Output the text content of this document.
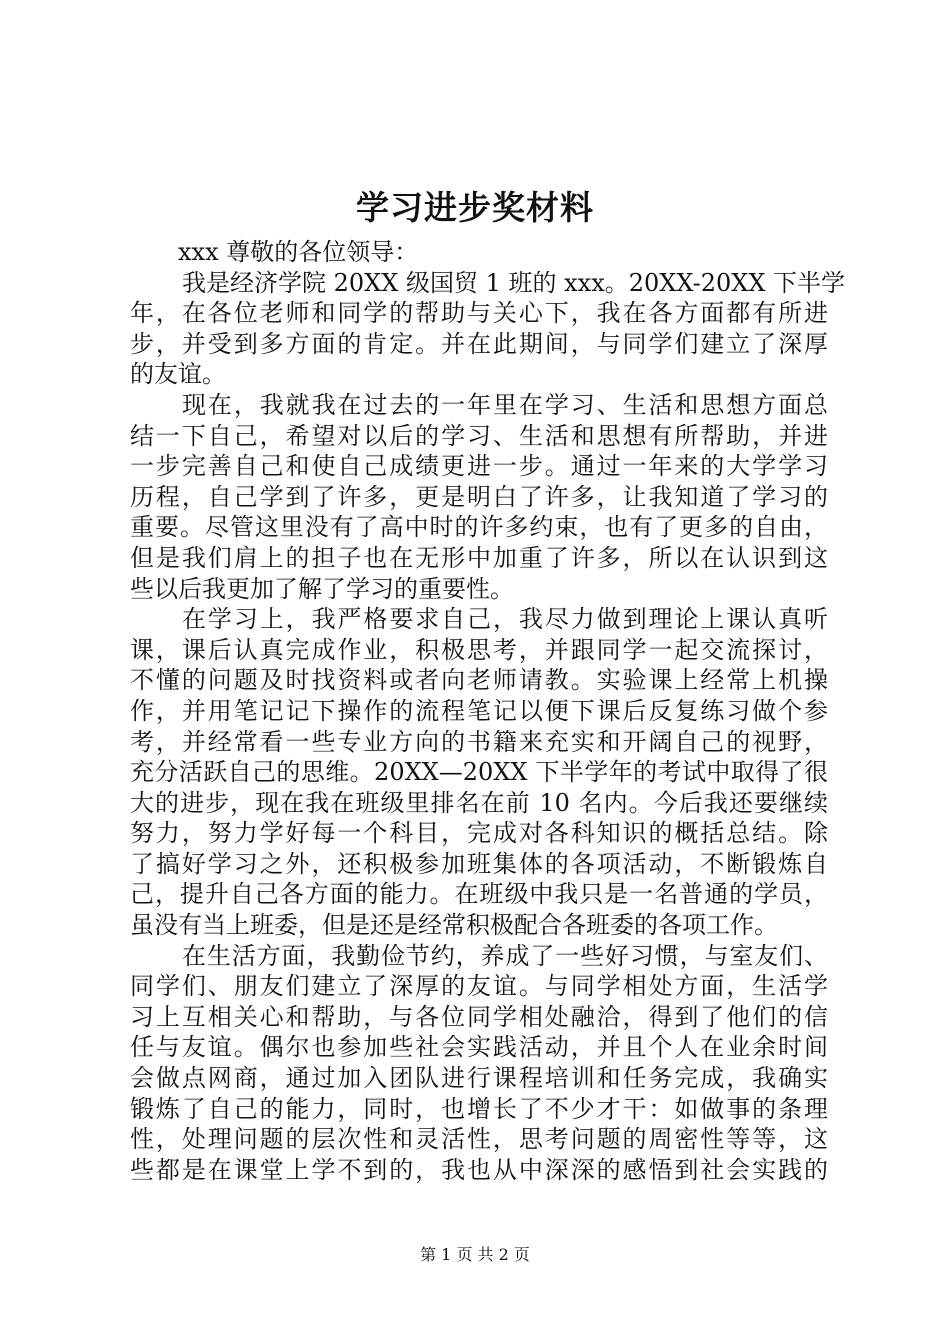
学习进步奖材料
xxx 尊敬的各位领导：
我是经济学院 20XX 级国贸 1 班的 xxx。20XX-20XX 下半学
年，在各位老师和同学的帮助与关心下，我在各方面都有所进
步，并受到多方面的肯定。并在此期间，与同学们建立了深厚
的友谊。
现在，我就我在过去的一年里在学习、生活和思想方面总
结一下自己，希望对以后的学习、生活和思想有所帮助，并进
一步完善自己和使自己成绩更进一步。通过一年来的大学学习
历程，自己学到了许多，更是明白了许多，让我知道了学习的
重要。尽管这里没有了高中时的许多约束，也有了更多的自由，
但是我们肩上的担子也在无形中加重了许多，所以在认识到这
些以后我更加了解了学习的重要性。
在学习上，我严格要求自己，我尽力做到理论上课认真听
课，课后认真完成作业，积极思考，并跟同学一起交流探讨，
不懂的问题及时找资料或者向老师请教。实验课上经常上机操
作，并用笔记记下操作的流程笔记以便下课后反复练习做个参
考，并经常看一些专业方向的书籍来充实和开阔自己的视野，
充分活跃自己的思维。20XX—20XX 下半学年的考试中取得了很
大的进步，现在我在班级里排名在前 10 名内。今后我还要继续
努力，努力学好每一个科目，完成对各科知识的概括总结。除
了搞好学习之外，还积极参加班集体的各项活动，不断锻炼自
己，提升自己各方面的能力。在班级中我只是一名普通的学员，
虽没有当上班委，但是还是经常积极配合各班委的各项工作。
在生活方面，我勤俭节约，养成了一些好习惯，与室友们、
同学们、朋友们建立了深厚的友谊。与同学相处方面，生活学
习上互相关心和帮助，与各位同学相处融洽，得到了他们的信
任与友谊。偶尔也参加些社会实践活动，并且个人在业余时间
会做点网商，通过加入团队进行课程培训和任务完成，我确实
锻炼了自己的能力，同时，也增长了不少才干：如做事的条理
性，处理问题的层次性和灵活性，思考问题的周密性等等，这
些都是在课堂上学不到的，我也从中深深的感悟到社会实践的
第 1 页 共 2 页
